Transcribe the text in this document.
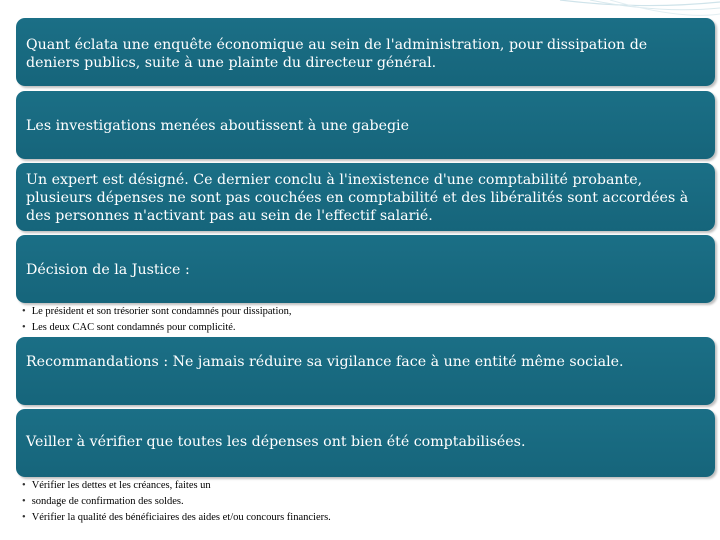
Quant éclata une enquête économique au sein de l'administration, pour dissipation de deniers publics, suite à une plainte du directeur général.
Les investigations menées aboutissent à une gabegie
Un expert est désigné. Ce dernier conclu à l'inexistence d'une comptabilité probante, plusieurs dépenses ne sont pas couchées en comptabilité et des libéralités sont accordées à des personnes n'activant pas au sein de l'effectif salarié.
Décision de la Justice :
• Le président et son trésorier sont condamnés pour dissipation,
• Les deux CAC sont condamnés pour complicité.
Recommandations : Ne jamais réduire sa vigilance face à une entité même sociale.
Veiller à vérifier que toutes les dépenses ont bien été comptabilisées.
• Vérifier les dettes et les créances, faites un
• sondage de confirmation des soldes.
• Vérifier la qualité des bénéficiaires des aides et/ou concours financiers.
